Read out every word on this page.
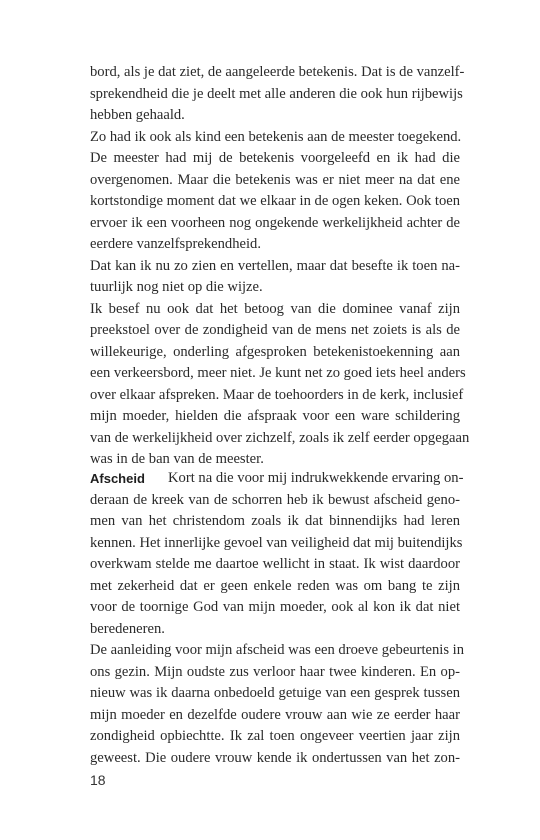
bord, als je dat ziet, de aangeleerde betekenis. Dat is de vanzelf-
sprekendheid die je deelt met alle anderen die ook hun rijbewijs
hebben gehaald.
Zo had ik ook als kind een betekenis aan de meester toegekend.
De meester had mij de betekenis voorgeleefd en ik had die
overgenomen. Maar die betekenis was er niet meer na dat ene
kortstondige moment dat we elkaar in de ogen keken. Ook toen
ervoer ik een voorheen nog ongekende werkelijkheid achter de
eerdere vanzelfsprekendheid.
Dat kan ik nu zo zien en vertellen, maar dat besefte ik toen na-
tuurlijk nog niet op die wijze.
Ik besef nu ook dat het betoog van die dominee vanaf zijn
preekstoel over de zondigheid van de mens net zoiets is als de
willekeurige, onderling afgesproken betekenistoekenning aan
een verkeersbord, meer niet. Je kunt net zo goed iets heel anders
over elkaar afspreken. Maar de toehoorders in de kerk, inclusief
mijn moeder, hielden die afspraak voor een ware schildering
van de werkelijkheid over zichzelf, zoals ik zelf eerder opgegaan
was in de ban van de meester.
Afscheid Kort na die voor mij indrukwekkende ervaring on-
deraan de kreek van de schorren heb ik bewust afscheid geno-
men van het christendom zoals ik dat binnendijks had leren
kennen. Het innerlijke gevoel van veiligheid dat mij buitendijks
overkwam stelde me daartoe wellicht in staat. Ik wist daardoor
met zekerheid dat er geen enkele reden was om bang te zijn
voor de toornige God van mijn moeder, ook al kon ik dat niet
beredeneren.
De aanleiding voor mijn afscheid was een droeve gebeurtenis in
ons gezin. Mijn oudste zus verloor haar twee kinderen. En op-
nieuw was ik daarna onbedoeld getuige van een gesprek tussen
mijn moeder en dezelfde oudere vrouw aan wie ze eerder haar
zondigheid opbiechtte. Ik zal toen ongeveer veertien jaar zijn
geweest. Die oudere vrouw kende ik ondertussen van het zon-
18
